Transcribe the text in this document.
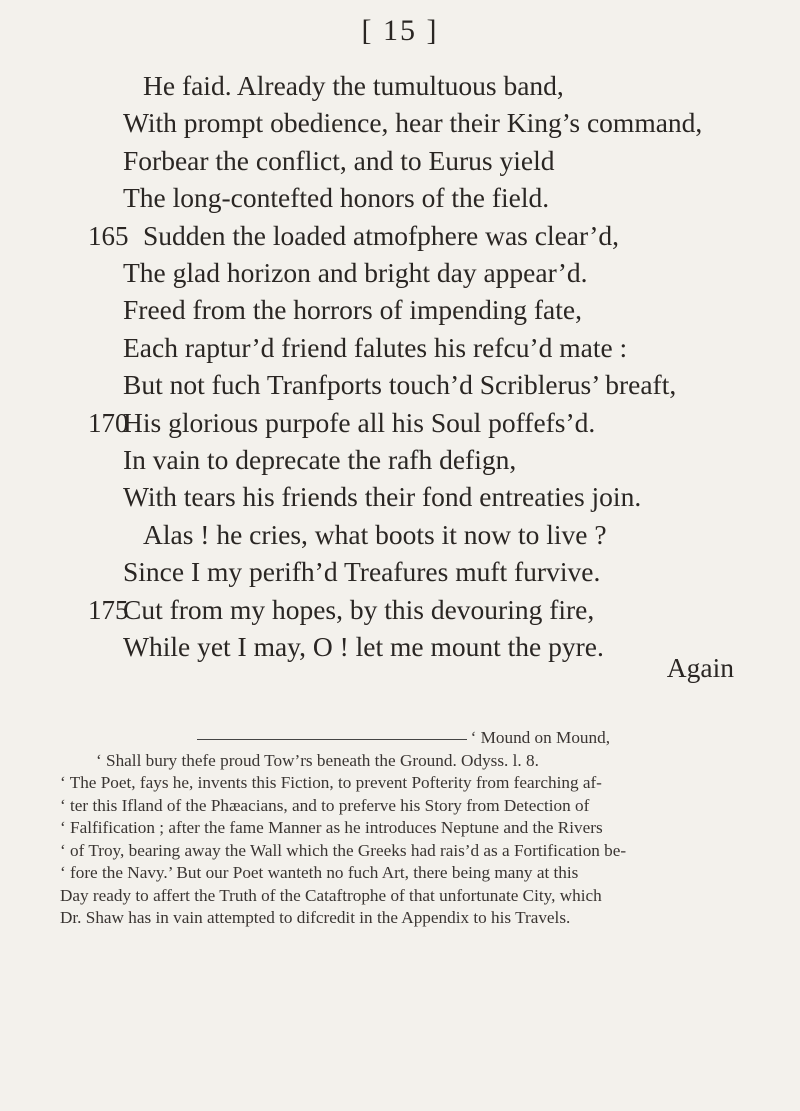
[ 15 ]
He faid. Already the tumultuous band,
With prompt obedience, hear their King’s command,
Forbear the conflict, and to Eurus yield
The long-contefted honors of the field.
165 Sudden the loaded atmofphere was clear’d,
The glad horizon and bright day appear’d.
Freed from the horrors of impending fate,
Each raptur’d friend falutes his refcu’d mate :
But not fuch Tranfports touch’d Scriblerus’ breaft,
170
His glorious purpofe all his Soul poffefs’d.
In vain to deprecate the rafh defign,
With tears his friends their fond entreaties join.
Alas ! he cries, what boots it now to live ?
Since I my perifh’d Treafures muft furvive.
175
Cut from my hopes, by this devouring fire,
While yet I may, O ! let me mount the pyre.
Again
‘ Mound on Mound,
‘ Shall bury thefe proud Tow’rs beneath the Ground. Odyss. l. 8.
‘ The Poet, fays he, invents this Fiction, to prevent Pofterity from fearching af-
‘ ter this Ifland of the Phæacians, and to preferve his Story from Detection of
‘ Falfification ; after the fame Manner as he introduces Neptune and the Rivers
‘ of Troy, bearing away the Wall which the Greeks had rais’d as a Fortification be-
‘ fore the Navy.’ But our Poet wanteth no fuch Art, there being many at this
Day ready to affert the Truth of the Cataftrophe of that unfortunate City, which
Dr. Shaw has in vain attempted to difcredit in the Appendix to his Travels.
